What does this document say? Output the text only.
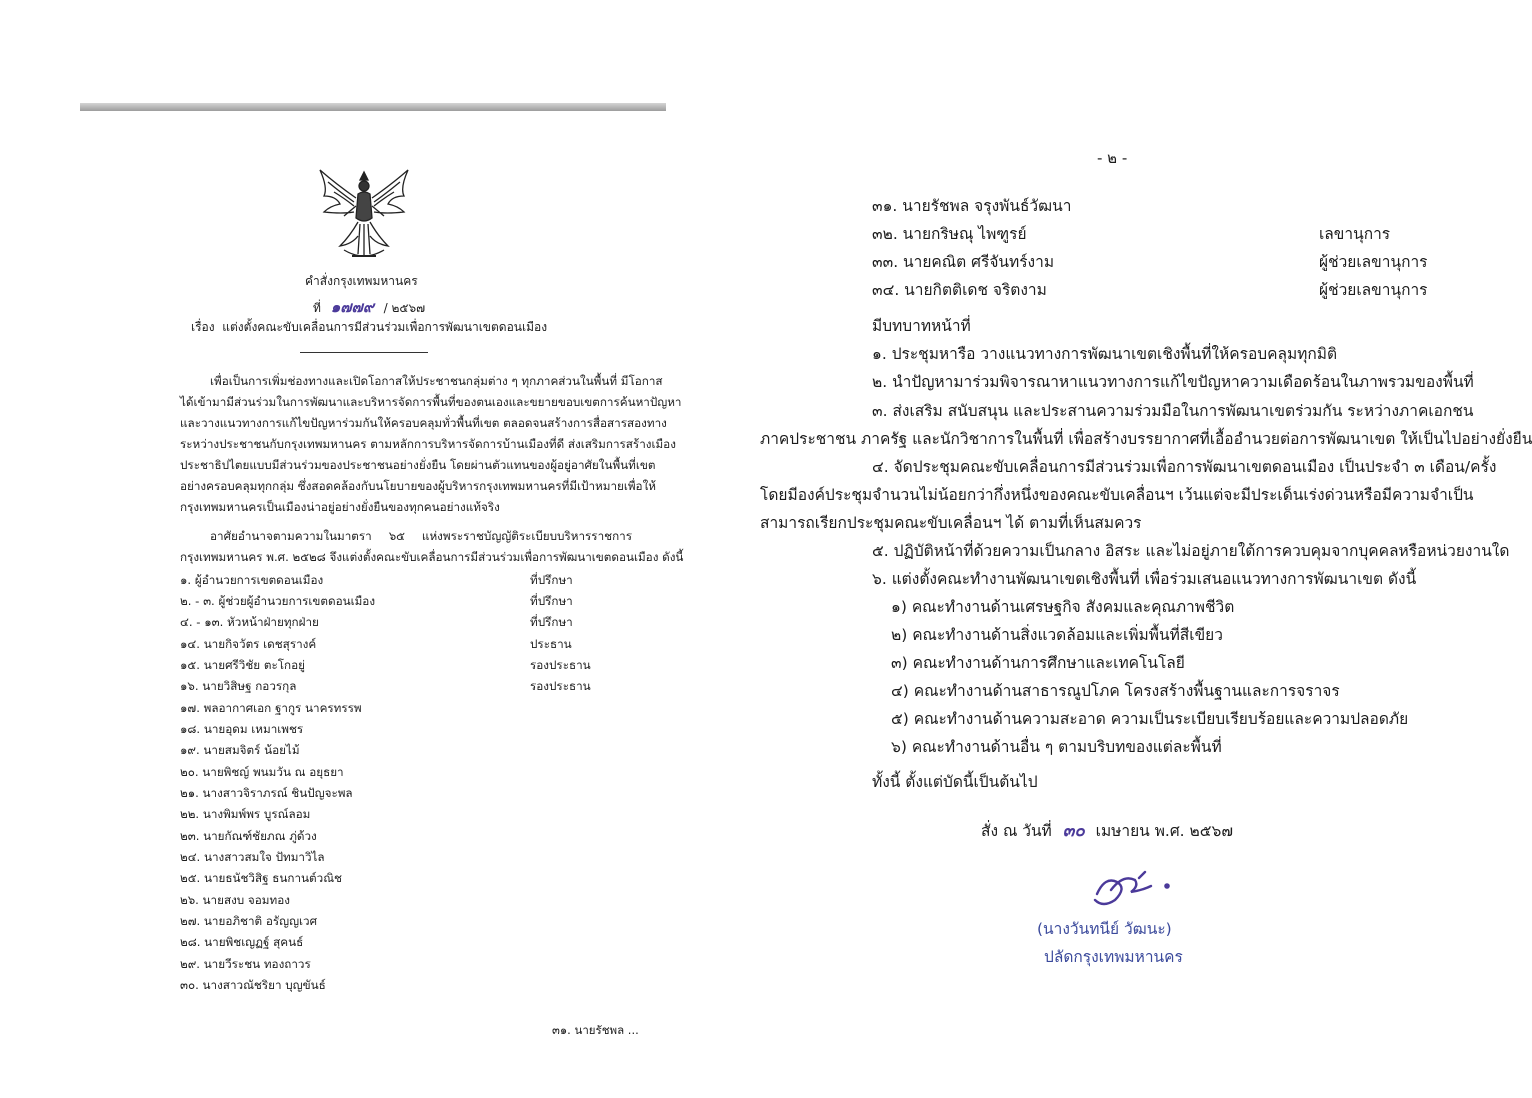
คำสั่งกรุงเทพมหานคร
ที่ ๑๗๗๙ / ๒๕๖๗
เรื่อง แต่งตั้งคณะขับเคลื่อนการมีส่วนร่วมเพื่อการพัฒนาเขตดอนเมือง
เพื่อเป็นการเพิ่มช่องทางและเปิดโอกาสให้ประชาชนกลุ่มต่าง ๆ ทุกภาคส่วนในพื้นที่ มีโอกาส
ได้เข้ามามีส่วนร่วมในการพัฒนาและบริหารจัดการพื้นที่ของตนเองและขยายขอบเขตการค้นหาปัญหา
และวางแนวทางการแก้ไขปัญหาร่วมกันให้ครอบคลุมทั่วพื้นที่เขต ตลอดจนสร้างการสื่อสารสองทาง
ระหว่างประชาชนกับกรุงเทพมหานคร ตามหลักการบริหารจัดการบ้านเมืองที่ดี ส่งเสริมการสร้างเมือง
ประชาธิปไตยแบบมีส่วนร่วมของประชาชนอย่างยั่งยืน โดยผ่านตัวแทนของผู้อยู่อาศัยในพื้นที่เขต
อย่างครอบคลุมทุกกลุ่ม ซึ่งสอดคล้องกับนโยบายของผู้บริหารกรุงเทพมหานครที่มีเป้าหมายเพื่อให้
กรุงเทพมหานครเป็นเมืองน่าอยู่อย่างยั่งยืนของทุกคนอย่างแท้จริง
อาศัยอำนาจตามความในมาตรา ๖๕ แห่งพระราชบัญญัติระเบียบบริหารราชการ
กรุงเทพมหานคร พ.ศ. ๒๕๒๘ จึงแต่งตั้งคณะขับเคลื่อนการมีส่วนร่วมเพื่อการพัฒนาเขตดอนเมือง ดังนี้
๑. ผู้อำนวยการเขตดอนเมือง	ที่ปรึกษา
๒. - ๓. ผู้ช่วยผู้อำนวยการเขตดอนเมือง	ที่ปรึกษา
๔. - ๑๓. หัวหน้าฝ่ายทุกฝ่าย	ที่ปรึกษา
๑๔. นายกิจวัตร เดชสุรางค์	ประธาน
๑๕. นายศรีวิชัย ตะโกอยู่	รองประธาน
๑๖. นายวิสิษฐ กอวรกุล	รองประธาน
๑๗. พลอากาศเอก ฐากูร นาครทรรพ
๑๘. นายอุดม เหมาเพชร
๑๙. นายสมจิตร์ น้อยไม้
๒๐. นายพิชญ์ พนมวัน ณ อยุธยา
๒๑. นางสาวจิราภรณ์ ชินปัญจะพล
๒๒. นางพิมพ์พร บูรณ์ลอม
๒๓. นายกัณฑ์ชัยภณ ภู่ด้วง
๒๔. นางสาวสมใจ ปัทมาวิไล
๒๕. นายธนัชวิสิฐ ธนกานต์วณิช
๒๖. นายสงบ จอมทอง
๒๗. นายอภิชาติ อรัญญเวศ
๒๘. นายพิชเญฏฐ์ สุคนธ์
๒๙. นายวีระชน ทองถาวร
๓๐. นางสาวณัชริยา บุญขันธ์
๓๑. นายรัชพล ...
- ๒ -
๓๑. นายรัชพล จรุงพันธ์วัฒนา
๓๒. นายกริษณุ ไพฑูรย์	เลขานุการ
๓๓. นายคณิต ศรีจันทร์งาม	ผู้ช่วยเลขานุการ
๓๔. นายกิตติเดช จริตงาม	ผู้ช่วยเลขานุการ
มีบทบาทหน้าที่
๑. ประชุมหารือ วางแนวทางการพัฒนาเขตเชิงพื้นที่ให้ครอบคลุมทุกมิติ
๒. นำปัญหามาร่วมพิจารณาหาแนวทางการแก้ไขปัญหาความเดือดร้อนในภาพรวมของพื้นที่
๓. ส่งเสริม สนับสนุน และประสานความร่วมมือในการพัฒนาเขตร่วมกัน ระหว่างภาคเอกชน
ภาคประชาชน ภาครัฐ และนักวิชาการในพื้นที่ เพื่อสร้างบรรยากาศที่เอื้ออำนวยต่อการพัฒนาเขต ให้เป็นไปอย่างยั่งยืน
๔. จัดประชุมคณะขับเคลื่อนการมีส่วนร่วมเพื่อการพัฒนาเขตดอนเมือง เป็นประจำ ๓ เดือน/ครั้ง
โดยมีองค์ประชุมจำนวนไม่น้อยกว่ากึ่งหนึ่งของคณะขับเคลื่อนฯ เว้นแต่จะมีประเด็นเร่งด่วนหรือมีความจำเป็น
สามารถเรียกประชุมคณะขับเคลื่อนฯ ได้ ตามที่เห็นสมควร
๕. ปฏิบัติหน้าที่ด้วยความเป็นกลาง อิสระ และไม่อยู่ภายใต้การควบคุมจากบุคคลหรือหน่วยงานใด
๖. แต่งตั้งคณะทำงานพัฒนาเขตเชิงพื้นที่ เพื่อร่วมเสนอแนวทางการพัฒนาเขต ดังนี้
๑) คณะทำงานด้านเศรษฐกิจ สังคมและคุณภาพชีวิต
๒) คณะทำงานด้านสิ่งแวดล้อมและเพิ่มพื้นที่สีเขียว
๓) คณะทำงานด้านการศึกษาและเทคโนโลยี
๔) คณะทำงานด้านสาธารณูปโภค โครงสร้างพื้นฐานและการจราจร
๕) คณะทำงานด้านความสะอาด ความเป็นระเบียบเรียบร้อยและความปลอดภัย
๖) คณะทำงานด้านอื่น ๆ ตามบริบทของแต่ละพื้นที่
ทั้งนี้ ตั้งแต่บัดนี้เป็นต้นไป
สั่ง ณ วันที่ ๓๐ เมษายน พ.ศ. ๒๕๖๗
(นางวันทนีย์ วัฒนะ)
ปลัดกรุงเทพมหานคร
